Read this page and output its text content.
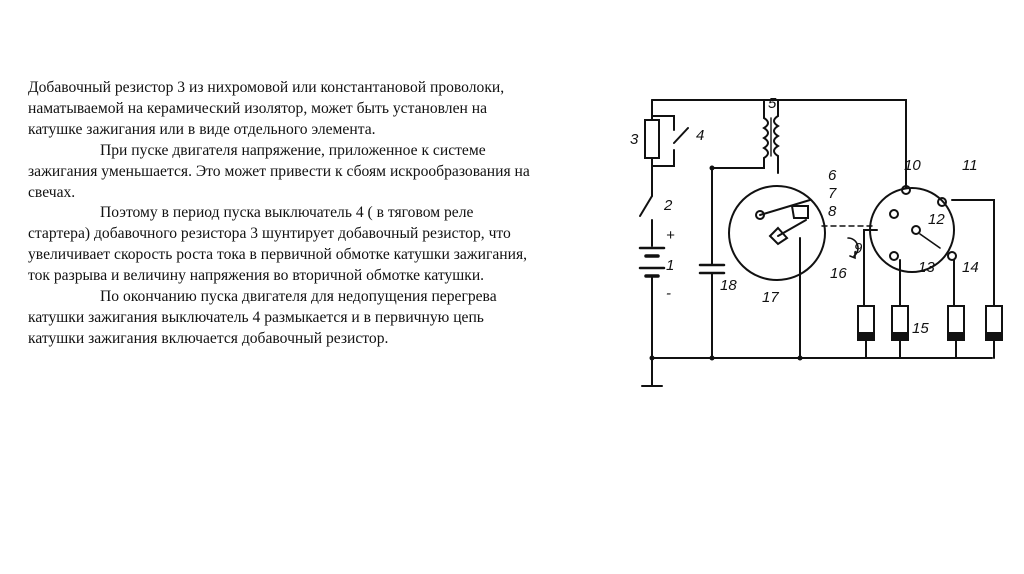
Добавочный резистор 3 из нихромовой или константановой проволоки, наматываемой на керамический изолятор, может быть установлен на катушке зажигания или в виде отдельного элемента.

При пуске двигателя напряжение, приложенное к системе зажигания уменьшается. Это может привести к сбоям искрообразования на свечах.

Поэтому в период пуска выключатель 4 ( в тяговом реле стартера) добавочного резистора 3 шунтирует добавочный резистор, что увеличивает скорость роста тока в первичной обмотке катушки зажигания, ток разрыва и величину напряжения во вторичной обмотке катушки.

По окончанию пуска двигателя для недопущения перегрева катушки зажигания выключатель 4 размыкается и в первичную цепь катушки зажигания включается добавочный резистор.

3	4
5
2
+
1
-	18
6
7
8
9
16
17
10	11
12
13 14
15
